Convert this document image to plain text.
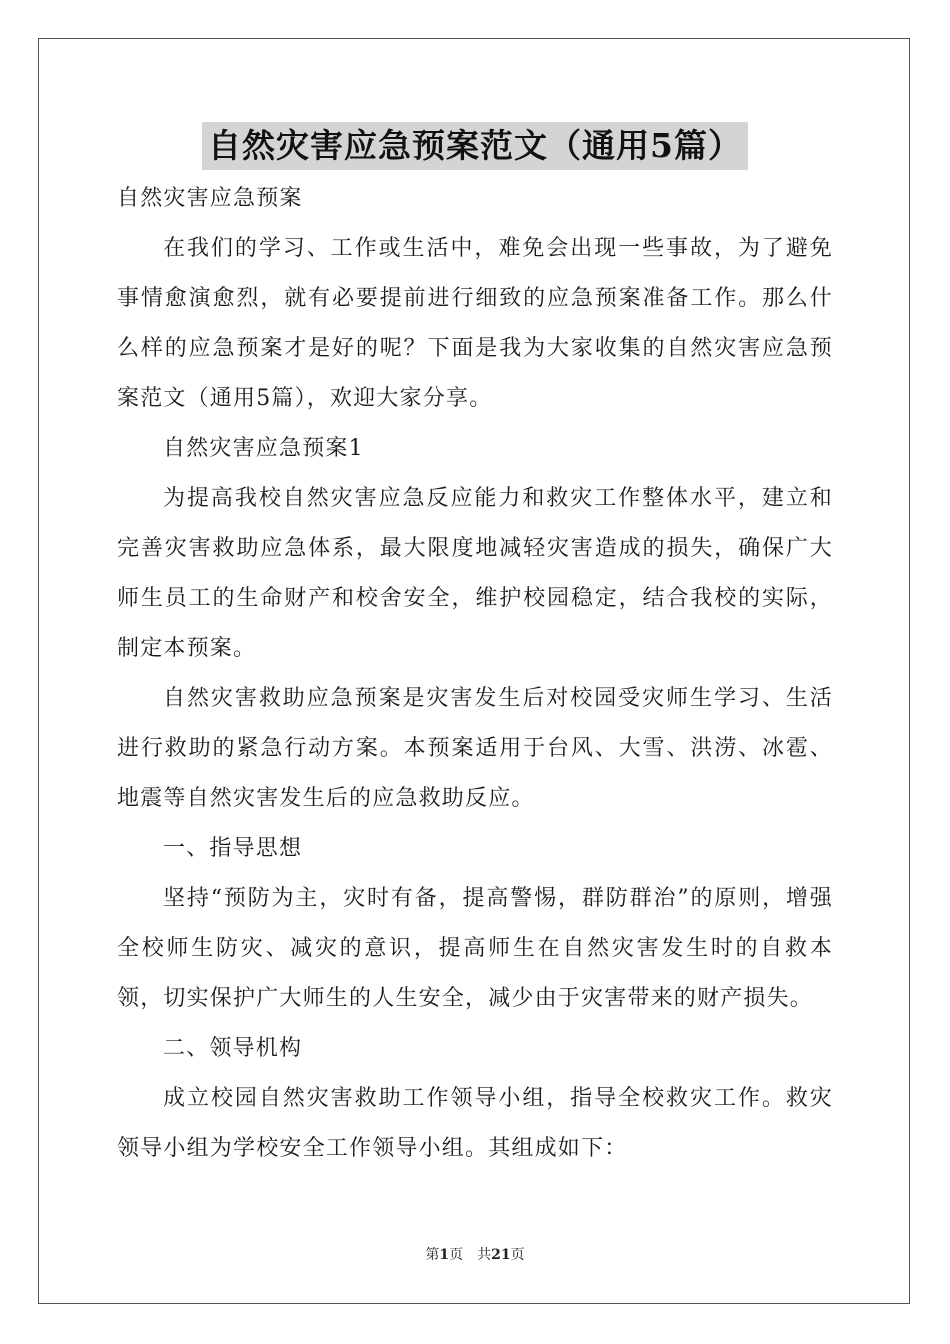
自然灾害应急预案范文（通用5篇）

自然灾害应急预案

在我们的学习、工作或生活中，难免会出现一些事故，为了避免事情愈演愈烈，就有必要提前进行细致的应急预案准备工作。那么什么样的应急预案才是好的呢？下面是我为大家收集的自然灾害应急预案范文（通用5篇），欢迎大家分享。

自然灾害应急预案1

为提高我校自然灾害应急反应能力和救灾工作整体水平，建立和完善灾害救助应急体系，最大限度地减轻灾害造成的损失，确保广大师生员工的生命财产和校舍安全，维护校园稳定，结合我校的实际，制定本预案。

自然灾害救助应急预案是灾害发生后对校园受灾师生学习、生活进行救助的紧急行动方案。本预案适用于台风、大雪、洪涝、冰雹、地震等自然灾害发生后的应急救助反应。

一、指导思想

坚持“预防为主，灾时有备，提高警惕，群防群治”的原则，增强全校师生防灾、减灾的意识，提高师生在自然灾害发生时的自救本领，切实保护广大师生的人生安全，减少由于灾害带来的财产损失。

二、领导机构

成立校园自然灾害救助工作领导小组，指导全校救灾工作。救灾领导小组为学校安全工作领导小组。其组成如下：

第1页　共21页
